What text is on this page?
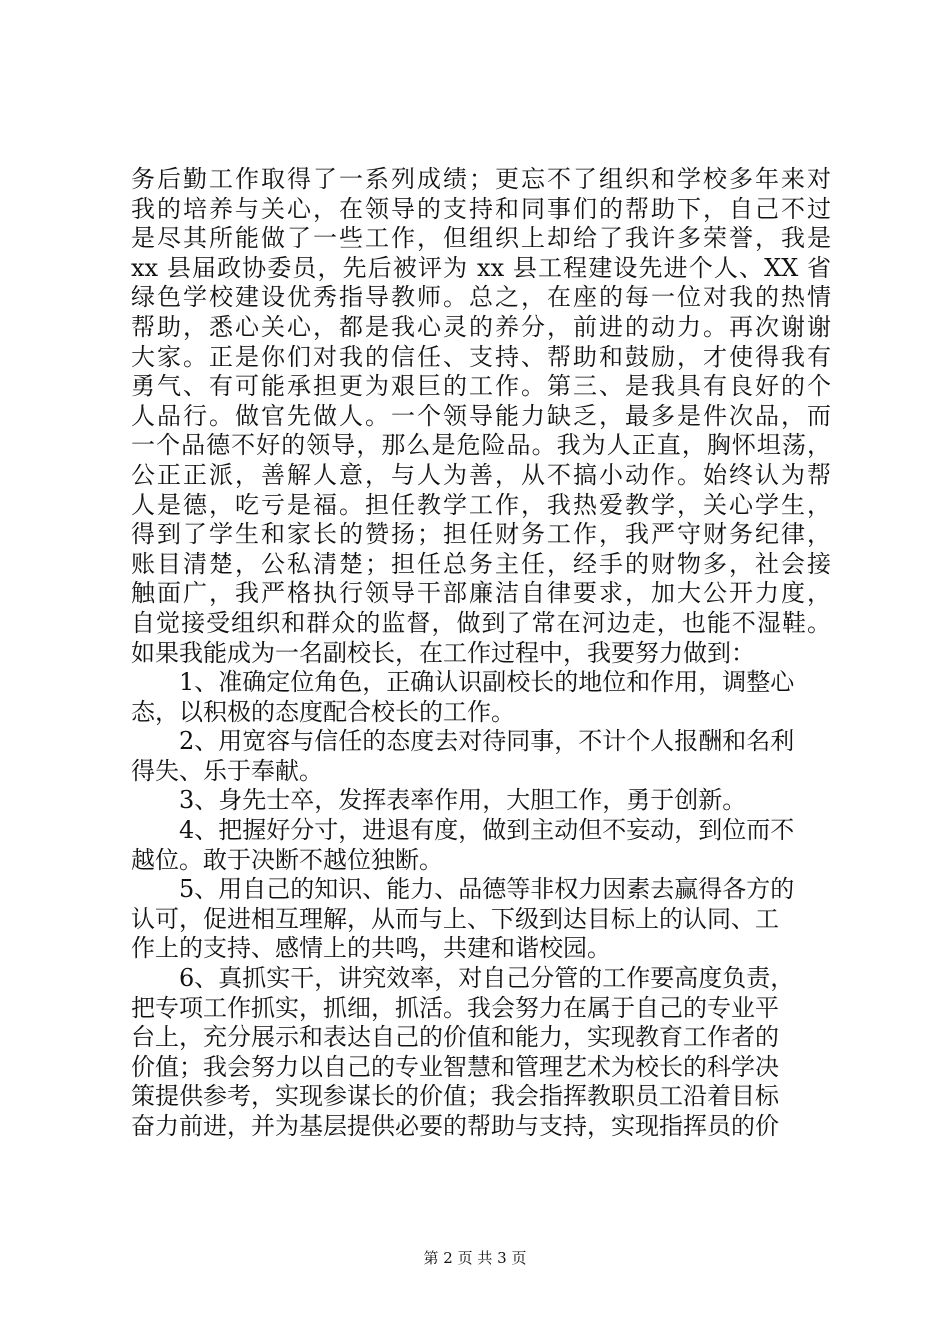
务后勤工作取得了一系列成绩；更忘不了组织和学校多年来对
我的培养与关心，在领导的支持和同事们的帮助下，自己不过
是尽其所能做了一些工作，但组织上却给了我许多荣誉，我是
xx 县届政协委员，先后被评为 xx 县工程建设先进个人、XX 省
绿色学校建设优秀指导教师。总之，在座的每一位对我的热情
帮助，悉心关心，都是我心灵的养分，前进的动力。再次谢谢
大家。正是你们对我的信任、支持、帮助和鼓励，才使得我有
勇气、有可能承担更为艰巨的工作。第三、是我具有良好的个
人品行。做官先做人。一个领导能力缺乏，最多是件次品，而
一个品德不好的领导，那么是危险品。我为人正直，胸怀坦荡，
公正正派，善解人意，与人为善，从不搞小动作。始终认为帮
人是德，吃亏是福。担任教学工作，我热爱教学，关心学生，
得到了学生和家长的赞扬；担任财务工作，我严守财务纪律，
账目清楚，公私清楚；担任总务主任，经手的财物多，社会接
触面广，我严格执行领导干部廉洁自律要求，加大公开力度，
自觉接受组织和群众的监督，做到了常在河边走，也能不湿鞋。
如果我能成为一名副校长，在工作过程中，我要努力做到：
1、准确定位角色，正确认识副校长的地位和作用，调整心
态，以积极的态度配合校长的工作。
2、用宽容与信任的态度去对待同事，不计个人报酬和名利
得失、乐于奉献。
3、身先士卒，发挥表率作用，大胆工作，勇于创新。
4、把握好分寸，进退有度，做到主动但不妄动，到位而不
越位。敢于决断不越位独断。
5、用自己的知识、能力、品德等非权力因素去赢得各方的
认可，促进相互理解，从而与上、下级到达目标上的认同、工
作上的支持、感情上的共鸣，共建和谐校园。
6、真抓实干，讲究效率，对自己分管的工作要高度负责，
把专项工作抓实，抓细，抓活。我会努力在属于自己的专业平
台上，充分展示和表达自己的价值和能力，实现教育工作者的
价值；我会努力以自己的专业智慧和管理艺术为校长的科学决
策提供参考，实现参谋长的价值；我会指挥教职员工沿着目标
奋力前进，并为基层提供必要的帮助与支持，实现指挥员的价
第 2 页 共 3 页
